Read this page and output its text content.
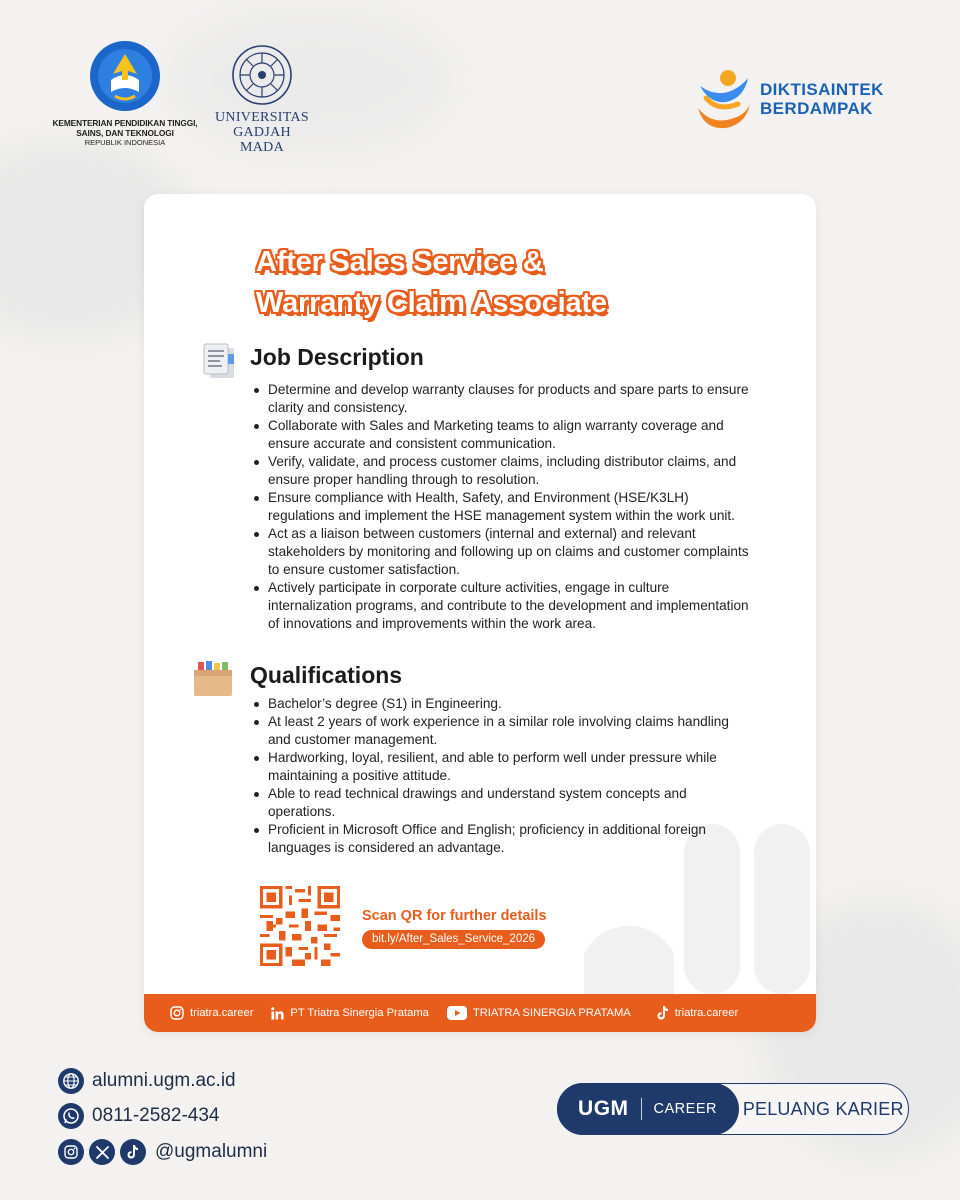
KEMENTERIAN PENDIDIKAN TINGGI,
SAINS, DAN TEKNOLOGI
REPUBLIK INDONESIA
UNIVERSITAS
GADJAH MADA
DIKTISAINTEK
BERDAMPAK
After Sales Service &
Warranty Claim Associate
Job Description
Determine and develop warranty clauses for products and spare parts to ensure clarity and consistency.
Collaborate with Sales and Marketing teams to align warranty coverage and ensure accurate and consistent communication.
Verify, validate, and process customer claims, including distributor claims, and ensure proper handling through to resolution.
Ensure compliance with Health, Safety, and Environment (HSE/K3LH) regulations and implement the HSE management system within the work unit.
Act as a liaison between customers (internal and external) and relevant stakeholders by monitoring and following up on claims and customer complaints to ensure customer satisfaction.
Actively participate in corporate culture activities, engage in culture internalization programs, and contribute to the development and implementation of innovations and improvements within the work area.
Qualifications
Bachelor’s degree (S1) in Engineering.
At least 2 years of work experience in a similar role involving claims handling and customer management.
Hardworking, loyal, resilient, and able to perform well under pressure while maintaining a positive attitude.
Able to read technical drawings and understand system concepts and operations.
Proficient in Microsoft Office and English; proficiency in additional foreign languages is considered an advantage.
Scan QR for further details
bit.ly/After_Sales_Service_2026
triatra.career	PT Triatra Sinergia Pratama	TRIATRA SINERGIA PRATAMA	triatra.career
alumni.ugm.ac.id
0811-2582-434
@ugmalumni
UGM CAREER PELUANG KARIER
